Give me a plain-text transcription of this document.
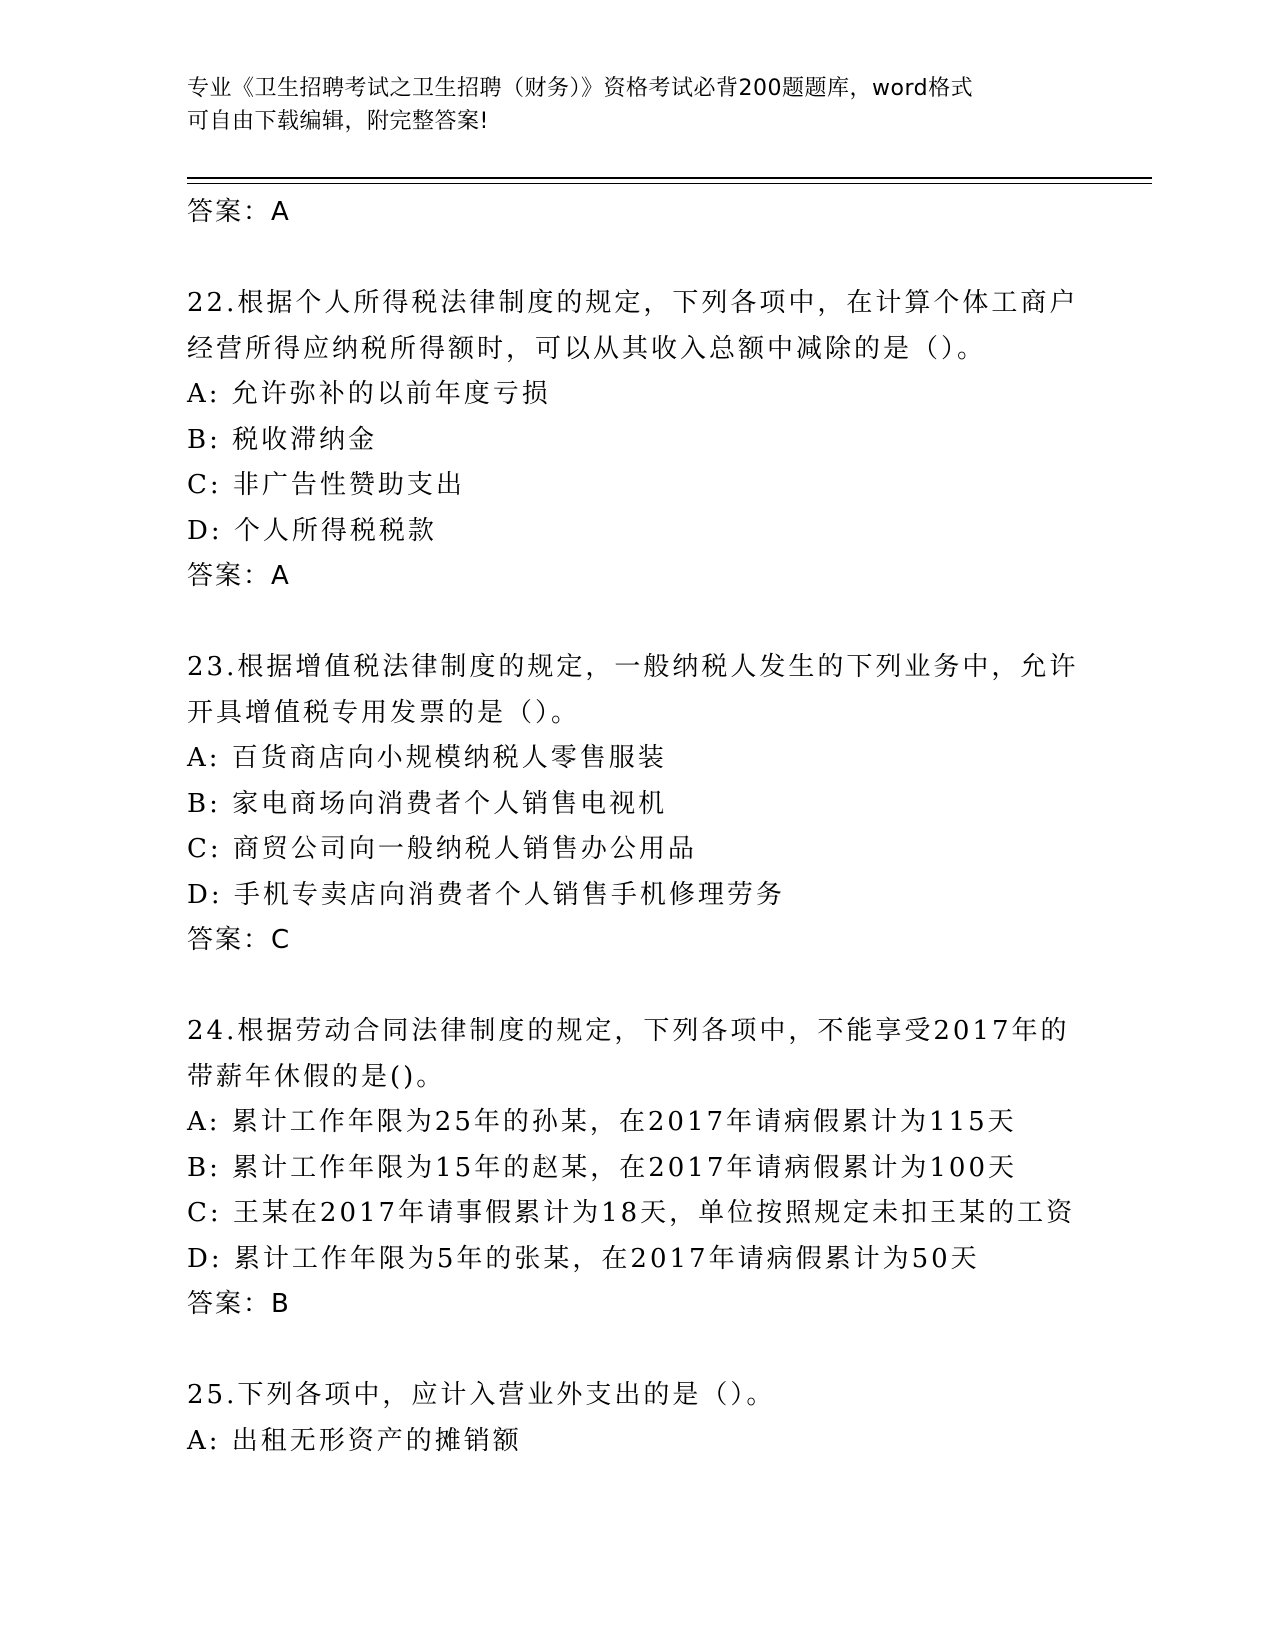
专业《卫生招聘考试之卫生招聘（财务）》资格考试必背200题题库，word格式
可自由下载编辑，附完整答案!
答案：A
22.根据个人所得税法律制度的规定，下列各项中，在计算个体工商户
经营所得应纳税所得额时，可以从其收入总额中减除的是（）。
A: 允许弥补的以前年度亏损
B: 税收滞纳金
C: 非广告性赞助支出
D: 个人所得税税款
答案：A
23.根据增值税法律制度的规定，一般纳税人发生的下列业务中，允许
开具增值税专用发票的是（）。
A: 百货商店向小规模纳税人零售服装
B: 家电商场向消费者个人销售电视机
C: 商贸公司向一般纳税人销售办公用品
D: 手机专卖店向消费者个人销售手机修理劳务
答案：C
24.根据劳动合同法律制度的规定，下列各项中，不能享受2017年的
带薪年休假的是()。
A: 累计工作年限为25年的孙某，在2017年请病假累计为115天
B: 累计工作年限为15年的赵某，在2017年请病假累计为100天
C: 王某在2017年请事假累计为18天，单位按照规定未扣王某的工资
D: 累计工作年限为5年的张某，在2017年请病假累计为50天
答案：B
25.下列各项中，应计入营业外支出的是（）。
A: 出租无形资产的摊销额
